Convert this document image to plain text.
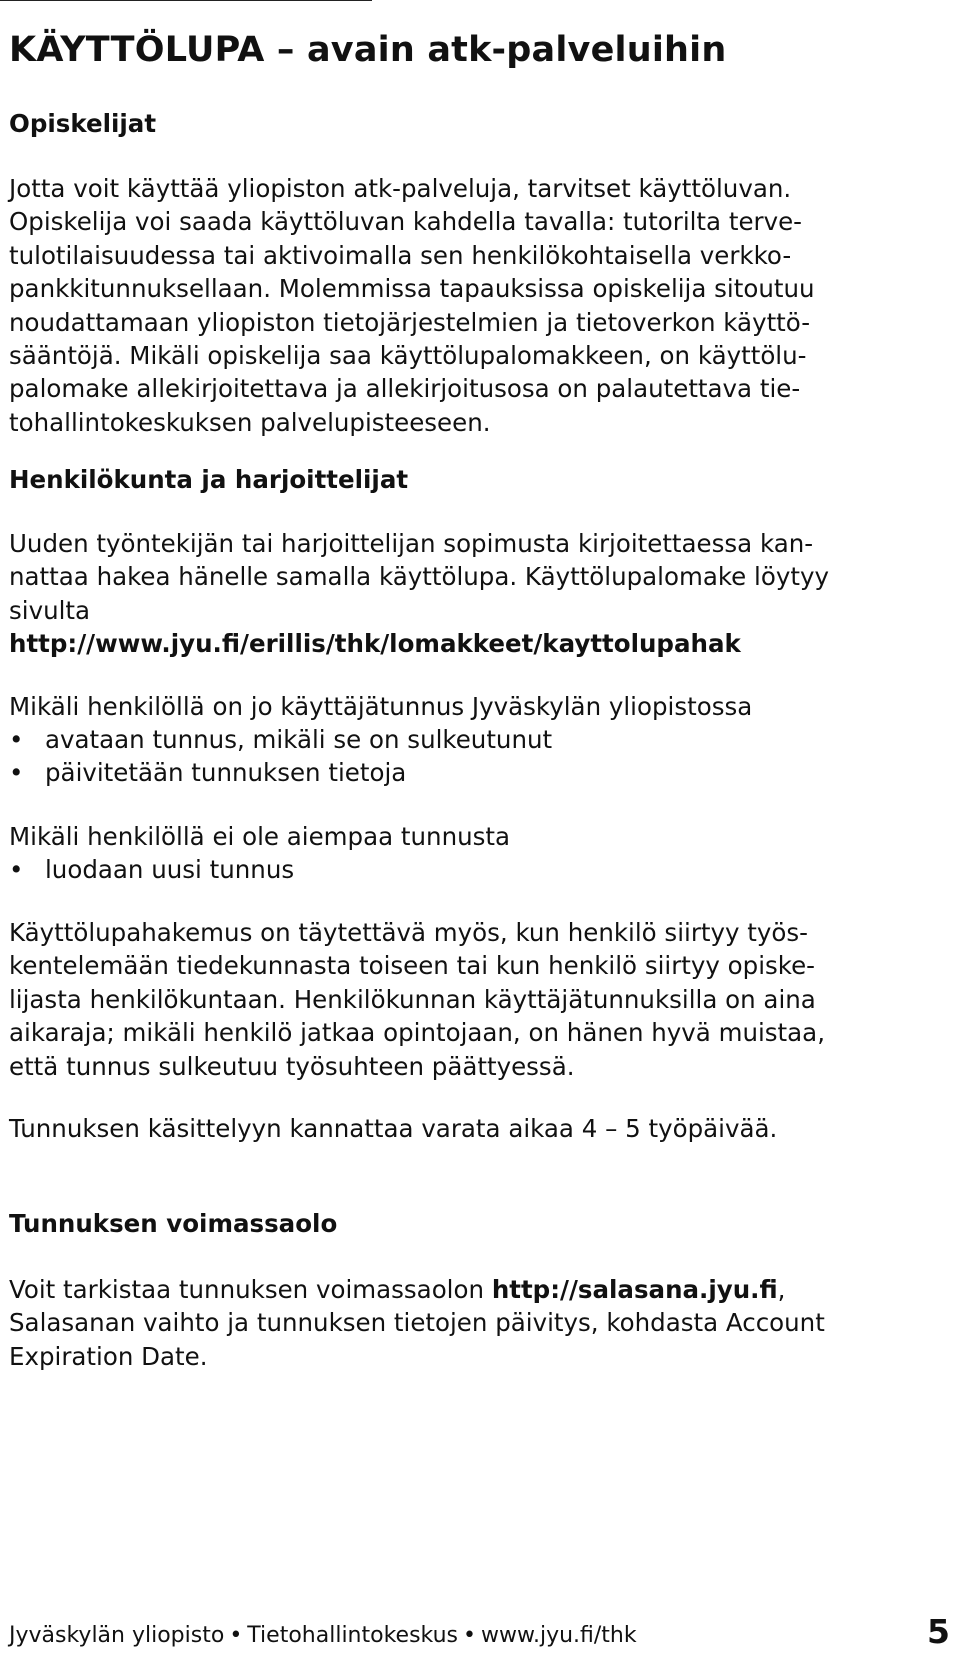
KÄYTTÖLUPA – avain atk-palveluihin
Opiskelijat

Jotta voit käyttää yliopiston atk-palveluja, tarvitset käyttöluvan.
Opiskelija voi saada käyttöluvan kahdella tavalla: tutorilta terve-
tulotilaisuudessa tai aktivoimalla sen henkilökohtaisella verkko-
pankkitunnuksellaan. Molemmissa tapauksissa opiskelija sitoutuu
noudattamaan yliopiston tietojärjestelmien ja tietoverkon käyttö-
sääntöjä. Mikäli opiskelija saa käyttölupalomakkeen, on käyttölu-
palomake allekirjoitettava ja allekirjoitusosa on palautettava tie-
tohallintokeskuksen palvelupisteeseen.

Henkilökunta ja harjoittelijat

Uuden työntekijän tai harjoittelijan sopimusta kirjoitettaessa kan-
nattaa hakea hänelle samalla käyttölupa. Käyttölupalomake löytyy
sivulta
http://www.jyu.fi/erillis/thk/lomakkeet/kayttolupahak

Mikäli henkilöllä on jo käyttäjätunnus Jyväskylän yliopistossa

• avataan tunnus, mikäli se on sulkeutunut
• päivitetään tunnuksen tietoja

Mikäli henkilöllä ei ole aiempaa tunnusta

• luodaan uusi tunnus

Käyttölupahakemus on täytettävä myös, kun henkilö siirtyy työs-
kentelemään tiedekunnasta toiseen tai kun henkilö siirtyy opiske-
lijasta henkilökuntaan. Henkilökunnan käyttäjätunnuksilla on aina
aikaraja; mikäli henkilö jatkaa opintojaan, on hänen hyvä muistaa,
että tunnus sulkeutuu työsuhteen päättyessä.

Tunnuksen käsittelyyn kannattaa varata aikaa 4 – 5 työpäivää.

Tunnuksen voimassaolo

Voit tarkistaa tunnuksen voimassaolon http://salasana.jyu.fi,
Salasanan vaihto ja tunnuksen tietojen päivitys, kohdasta Account
Expiration Date.

Jyväskylän yliopisto • Tietohallintokeskus • www.jyu.fi/thk	5
